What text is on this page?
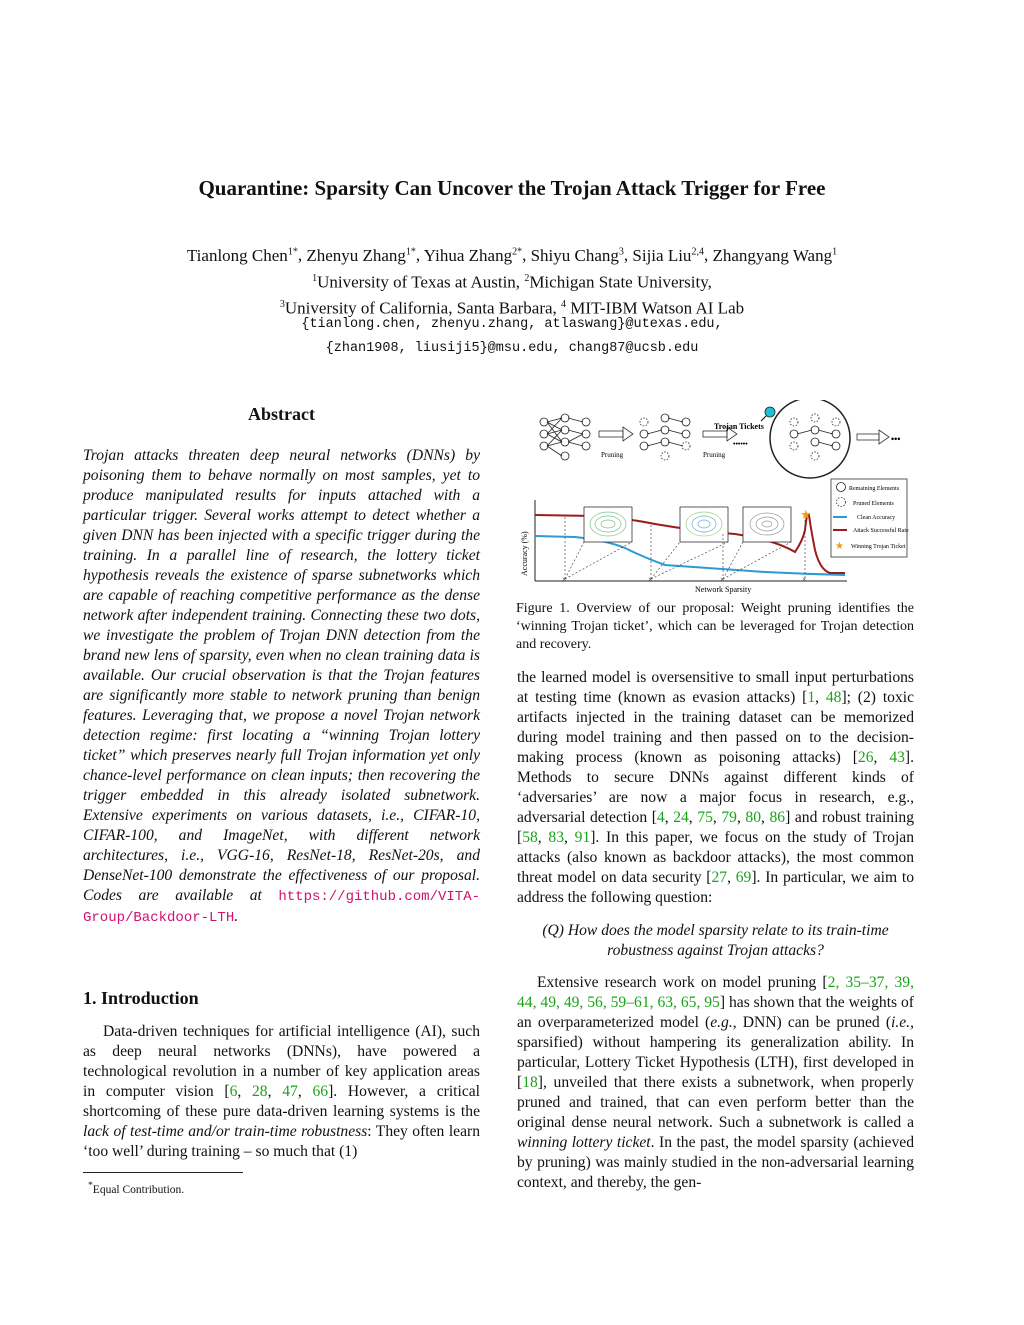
Quarantine: Sparsity Can Uncover the Trojan Attack Trigger for Free
Tianlong Chen$^{1*}$, Zhenyu Zhang$^{1*}$, Yihua Zhang$^{2*}$, Shiyu Chang$^3$, Sijia Liu$^{2,4}$, Zhangyang Wang$^1$
$^1$University of Texas at Austin, $^2$Michigan State University,
$^3$University of California, Santa Barbara, $^4$ MIT-IBM Watson AI Lab
{tianlong.chen, zhenyu.zhang, atlaswang}@utexas.edu,
{zhan1908, liusiji5}@msu.edu, chang87@ucsb.edu
Abstract

Trojan attacks threaten deep neural networks (DNNs) by poisoning them to behave normally on most samples, yet to produce manipulated results for inputs attached with a particular trigger. Several works attempt to detect whether a given DNN has been injected with a specific trigger during the training. In a parallel line of research, the lottery ticket hypothesis reveals the existence of sparse subnetworks which are capable of reaching competitive performance as the dense network after independent training. Connecting these two dots, we investigate the problem of Trojan DNN detection from the brand new lens of sparsity, even when no clean training data is available. Our crucial observation is that the Trojan features are significantly more stable to network pruning than benign features. Leveraging that, we propose a novel Trojan network detection regime: first locating a “winning Trojan lottery ticket” which preserves nearly full Trojan information yet only chance-level performance on clean inputs; then recovering the trigger embedded in this already isolated subnetwork. Extensive experiments on various datasets, i.e., CIFAR-10, CIFAR-100, and ImageNet, with different network architectures, i.e., VGG-16, ResNet-18, ResNet-20s, and DenseNet-100 demonstrate the effectiveness of our proposal. Codes are available at https://github.com/VITA-Group/Backdoor-LTH.

1. Introduction

Data-driven techniques for artificial intelligence (AI), such as deep neural networks (DNNs), have powered a technological revolution in a number of key application areas in computer vision [6, 28, 47, 66]. However, a critical shortcoming of these pure data-driven learning systems is the lack of test-time and/or train-time robustness: They often learn ‘too well’ during training – so much that (1)

*Equal Contribution.
Pruning	Pruning
••••••
Trojan Tickets
•••
Accuracy (%)
Network Sparsity
×	×	×	×
★
Remaining Elements
Pruned Elements
Clean Accuracy
Attack Successful Rate
★ Winning Trojan Ticket
Figure 1. Overview of our proposal: Weight pruning identifies the ‘winning Trojan ticket’, which can be leveraged for Trojan detection and recovery.

the learned model is oversensitive to small input perturbations at testing time (known as evasion attacks) [1, 48]; (2) toxic artifacts injected in the training dataset can be memorized during model training and then passed on to the decision-making process (known as poisoning attacks) [26, 43]. Methods to secure DNNs against different kinds of ‘adversaries’ are now a major focus in research, e.g., adversarial detection [4, 24, 75, 79, 80, 86] and robust training [58, 83, 91]. In this paper, we focus on the study of Trojan attacks (also known as backdoor attacks), the most common threat model on data security [27, 69]. In particular, we aim to address the following question:

(Q) How does the model sparsity relate to its train-time robustness against Trojan attacks?

Extensive research work on model pruning [2, 35–37, 39, 44, 49, 49, 56, 59–61, 63, 65, 95] has shown that the weights of an overparameterized model (e.g., DNN) can be pruned (i.e., sparsified) without hampering its generalization ability. In particular, Lottery Ticket Hypothesis (LTH), first developed in [18], unveiled that there exists a subnetwork, when properly pruned and trained, that can even perform better than the original dense neural network. Such a subnetwork is called a winning lottery ticket. In the past, the model sparsity (achieved by pruning) was mainly studied in the non-adversarial learning context, and thereby, the gen-
